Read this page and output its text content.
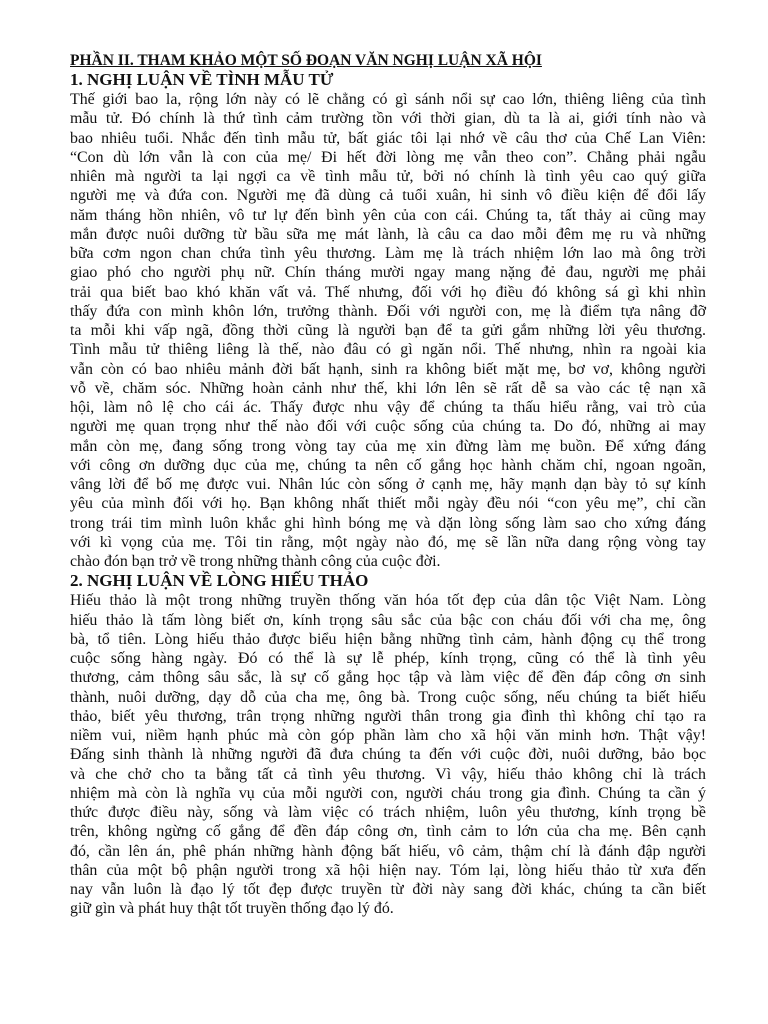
PHẦN II. THAM KHẢO MỘT SỐ ĐOẠN VĂN NGHỊ LUẬN XÃ HỘI
1. NGHỊ LUẬN VỀ TÌNH MẪU TỬ
Thế giới bao la, rộng lớn này có lẽ chẳng có gì sánh nổi sự cao lớn, thiêng liêng của tình
mẫu tử. Đó chính là thứ tình cảm trường tồn với thời gian, dù ta là ai, giới tính nào và
bao nhiêu tuổi. Nhắc đến tình mẫu tử, bất giác tôi lại nhớ về câu thơ của Chế Lan Viên:
“Con dù lớn vẫn là con của mẹ/ Đi hết đời lòng mẹ vẫn theo con”. Chẳng phải ngẫu
nhiên mà người ta lại ngợi ca về tình mẫu tử, bởi nó chính là tình yêu cao quý giữa
người mẹ và đứa con. Người mẹ đã dùng cả tuổi xuân, hi sinh vô điều kiện để đổi lấy
năm tháng hồn nhiên, vô tư lự đến bình yên của con cái. Chúng ta, tất thảy ai cũng may
mắn được nuôi dưỡng từ bầu sữa mẹ mát lành, là câu ca dao mỗi đêm mẹ ru và những
bữa cơm ngon chan chứa tình yêu thương. Làm mẹ là trách nhiệm lớn lao mà ông trời
giao phó cho người phụ nữ. Chín tháng mười ngay mang nặng đẻ đau, người mẹ phải
trải qua biết bao khó khăn vất vả. Thế nhưng, đối với họ điều đó không sá gì khi nhìn
thấy đứa con mình khôn lớn, trưởng thành. Đối với người con, mẹ là điểm tựa nâng đỡ
ta mỗi khi vấp ngã, đồng thời cũng là người bạn để ta gửi gắm những lời yêu thương.
Tình mẫu tử thiêng liêng là thế, nào đâu có gì ngăn nổi. Thế nhưng, nhìn ra ngoài kia
vẫn còn có bao nhiêu mảnh đời bất hạnh, sinh ra không biết mặt mẹ, bơ vơ, không người
vỗ về, chăm sóc. Những hoàn cảnh như thế, khi lớn lên sẽ rất dễ sa vào các tệ nạn xã
hội, làm nô lệ cho cái ác. Thấy được nhu vậy để chúng ta thấu hiểu rằng, vai trò của
người mẹ quan trọng như thế nào đối với cuộc sống của chúng ta. Do đó, những ai may
mắn còn mẹ, đang sống trong vòng tay của mẹ xin đừng làm mẹ buồn. Để xứng đáng
với công ơn dưỡng dục của mẹ, chúng ta nên cố gắng học hành chăm chỉ, ngoan ngoãn,
vâng lời để bố mẹ được vui. Nhân lúc còn sống ở cạnh mẹ, hãy mạnh dạn bày tỏ sự kính
yêu của mình đối với họ. Bạn không nhất thiết mỗi ngày đều nói “con yêu mẹ”, chỉ cần
trong trái tim mình luôn khắc ghi hình bóng mẹ và dặn lòng sống làm sao cho xứng đáng
với kì vọng của mẹ. Tôi tin rằng, một ngày nào đó, mẹ sẽ lần nữa dang rộng vòng tay
chào đón bạn trở về trong những thành công của cuộc đời.
2. NGHỊ LUẬN VỀ LÒNG HIẾU THẢO
Hiếu thảo là một trong những truyền thống văn hóa tốt đẹp của dân tộc Việt Nam. Lòng
hiếu thảo là tấm lòng biết ơn, kính trọng sâu sắc của bậc con cháu đối với cha mẹ, ông
bà, tổ tiên. Lòng hiếu thảo được biểu hiện bằng những tình cảm, hành động cụ thể trong
cuộc sống hàng ngày. Đó có thể là sự lễ phép, kính trọng, cũng có thể là tình yêu
thương, cảm thông sâu sắc, là sự cố gắng học tập và làm việc để đền đáp công ơn sinh
thành, nuôi dưỡng, dạy dỗ của cha mẹ, ông bà. Trong cuộc sống, nếu chúng ta biết hiếu
thảo, biết yêu thương, trân trọng những người thân trong gia đình thì không chỉ tạo ra
niềm vui, niềm hạnh phúc mà còn góp phần làm cho xã hội văn minh hơn. Thật vậy!
Đấng sinh thành là những người đã đưa chúng ta đến với cuộc đời, nuôi dưỡng, bảo bọc
và che chở cho ta bằng tất cả tình yêu thương. Vì vậy, hiếu thảo không chỉ là trách
nhiệm mà còn là nghĩa vụ của mỗi người con, người cháu trong gia đình. Chúng ta cần ý
thức được điều này, sống và làm việc có trách nhiệm, luôn yêu thương, kính trọng bề
trên, không ngừng cố gắng để đền đáp công ơn, tình cảm to lớn của cha mẹ. Bên cạnh
đó, cần lên án, phê phán những hành động bất hiếu, vô cảm, thậm chí là đánh đập người
thân của một bộ phận người trong xã hội hiện nay. Tóm lại, lòng hiếu thảo từ xưa đến
nay vẫn luôn là đạo lý tốt đẹp được truyền từ đời này sang đời khác, chúng ta cần biết
giữ gìn và phát huy thật tốt truyền thống đạo lý đó.
